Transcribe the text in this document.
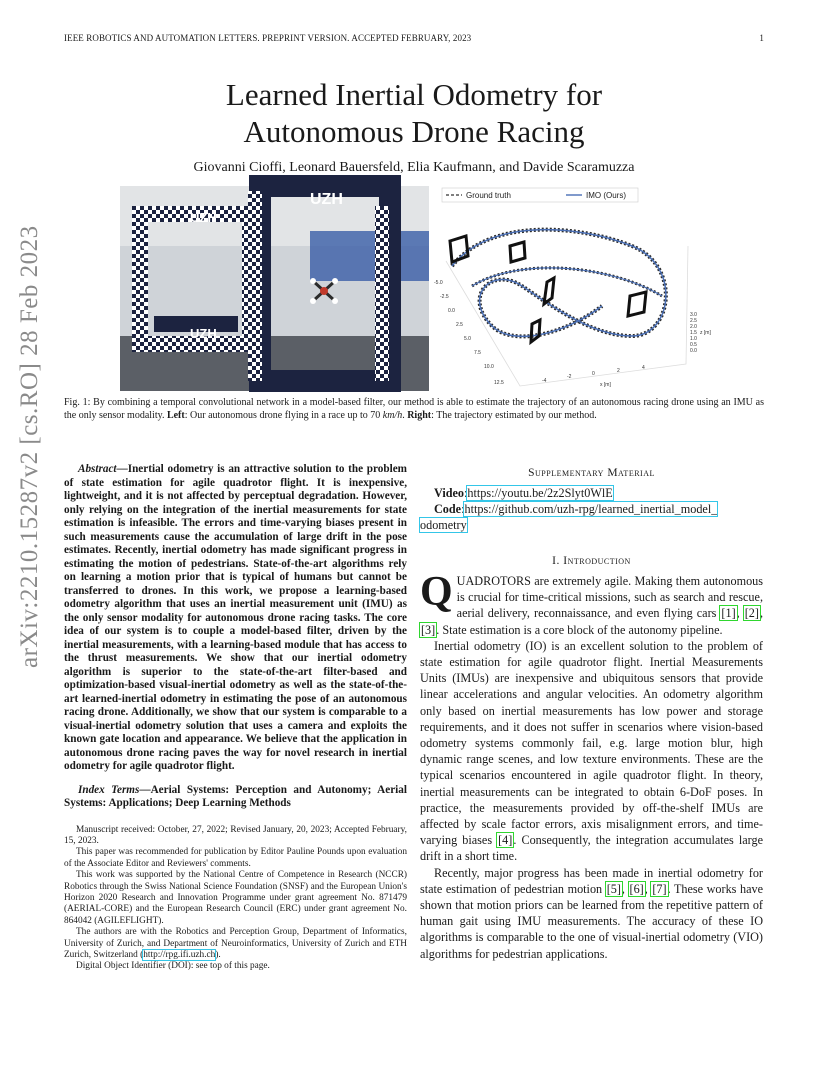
IEEE ROBOTICS AND AUTOMATION LETTERS. PREPRINT VERSION. ACCEPTED FEBRUARY, 2023	1
arXiv:2210.15287v2 [cs.RO] 28 Feb 2023
Learned Inertial Odometry for
Autonomous Drone Racing
Giovanni Cioffi, Leonard Bauersfeld, Elia Kaufmann, and Davide Scaramuzza
UZH
UZH
UZH	Ground truth	IMO (Ours)
-5.0
-2.5
0.0
2.5
5.0
7.5
10.0
12.5	-4
-2	0	2	4
x [m]
3.0
2.5
2.0
1.5
1.0
0.5
0.0
z [m]
Fig. 1: By combining a temporal convolutional network in a model-based filter, our method is able to estimate the trajectory of an autonomous racing drone using an IMU as the only sensor modality. Left: Our autonomous drone flying in a race up to 70 km/h. Right: The trajectory estimated by our method.

Abstract—Inertial odometry is an attractive solution to the problem of state estimation for agile quadrotor flight. It is inexpensive, lightweight, and it is not affected by perceptual degradation. However, only relying on the integration of the inertial measurements for state estimation is infeasible. The errors and time-varying biases present in such measurements cause the accumulation of large drift in the pose estimates. Recently, inertial odometry has made significant progress in estimating the motion of pedestrians. State-of-the-art algorithms rely on learning a motion prior that is typical of humans but cannot be transferred to drones. In this work, we propose a learning-based odometry algorithm that uses an inertial measurement unit (IMU) as the only sensor modality for autonomous drone racing tasks. The core idea of our system is to couple a model-based filter, driven by the inertial measurements, with a learning-based module that has access to the thrust measurements. We show that our inertial odometry algorithm is superior to the state-of-the-art filter-based and optimization-based visual-inertial odometry as well as the state-of-the-art learned-inertial odometry in estimating the pose of an autonomous racing drone. Additionally, we show that our system is comparable to a visual-inertial odometry solution that uses a camera and exploits the known gate location and appearance. We believe that the application in autonomous drone racing paves the way for novel research in inertial odometry for agile quadrotor flight.

Index Terms—Aerial Systems: Perception and Autonomy; Aerial Systems: Applications; Deep Learning Methods

Manuscript received: October, 27, 2022; Revised January, 20, 2023; Accepted February, 15, 2023.

This paper was recommended for publication by Editor Pauline Pounds upon evaluation of the Associate Editor and Reviewers' comments.

This work was supported by the National Centre of Competence in Research (NCCR) Robotics through the Swiss National Science Foundation (SNSF) and the European Union's Horizon 2020 Research and Innovation Programme under grant agreement No. 871479 (AERIAL-CORE) and the European Research Council (ERC) under grant agreement No. 864042 (AGILEFLIGHT).

The authors are with the Robotics and Perception Group, Department of Informatics, University of Zurich, and Department of Neuroinformatics, University of Zurich and ETH Zurich, Switzerland (http://rpg.ifi.uzh.ch).

Digital Object Identifier (DOI): see top of this page.

Supplementary Material

Video:https://youtu.be/2z2Slyt0WlE

Code:https://github.com/uzh-rpg/learned_inertial_model_

odometry

I. Introduction

QUADROTORS are extremely agile. Making them autonomous is crucial for time-critical missions, such as search and rescue, aerial delivery, reconnaissance, and even flying cars [1], [2], [3]. State estimation is a core block of the autonomy pipeline.

Inertial odometry (IO) is an excellent solution to the problem of state estimation for agile quadrotor flight. Inertial Measurements Units (IMUs) are inexpensive and ubiquitous sensors that provide linear accelerations and angular velocities. An odometry algorithm only based on inertial measurements has low power and storage requirements, and it does not suffer in scenarios where vision-based odometry systems commonly fail, e.g. large motion blur, high dynamic range scenes, and low texture environments. These are the typical scenarios encountered in agile quadrotor flight. In theory, inertial measurements can be integrated to obtain 6-DoF poses. In practice, the measurements provided by off-the-shelf IMUs are affected by scale factor errors, axis misalignment errors, and time-varying biases [4]. Consequently, the integration accumulates large drift in a short time.

Recently, major progress has been made in inertial odometry for state estimation of pedestrian motion [5], [6], [7]. These works have shown that motion priors can be learned from the repetitive pattern of human gait using IMU measurements. The accuracy of these IO algorithms is comparable to the one of visual-inertial odometry (VIO) algorithms for pedestrian applications.
